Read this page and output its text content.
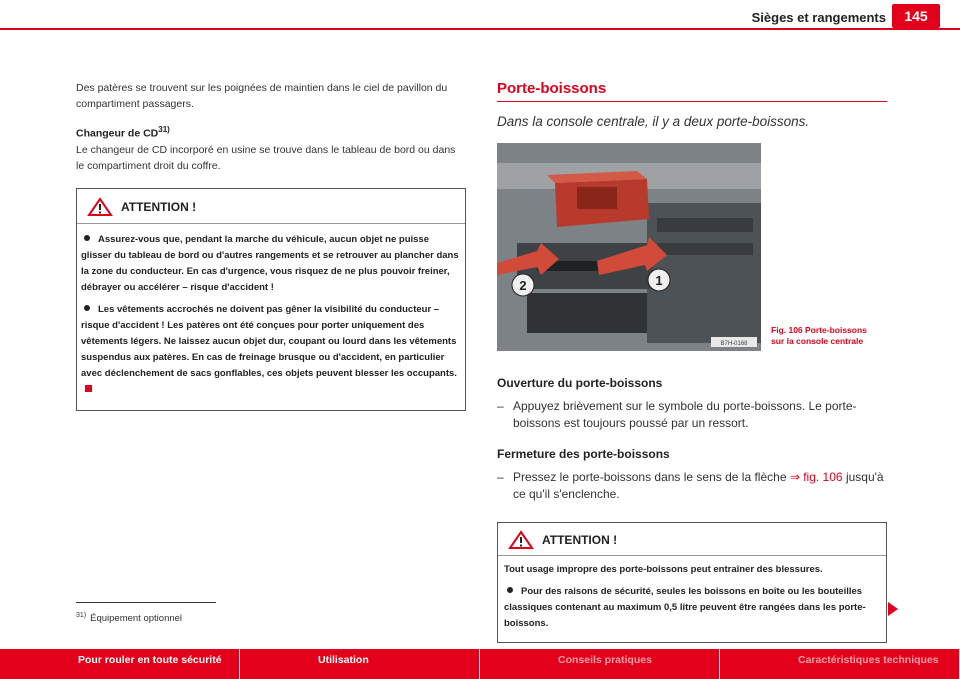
Sièges et rangements	145

Des patères se trouvent sur les poignées de maintien dans le ciel de pavillon du compartiment passagers.

Changeur de CD$^{31)}$

Le changeur de CD incorporé en usine se trouve dans le tableau de bord ou dans le compartiment droit du coffre.

ATTENTION !
Assurez-vous que, pendant la marche du véhicule, aucun objet ne puisse glisser du tableau de bord ou d'autres rangements et se retrouver au plancher dans la zone du conducteur. En cas d'urgence, vous risquez de ne plus pouvoir freiner, débrayer ou accélérer – risque d'accident !
Les vêtements accrochés ne doivent pas gêner la visibilité du conducteur – risque d'accident ! Les patères ont été conçues pour porter uniquement des vêtements légers. Ne laissez aucun objet dur, coupant ou lourd dans les vêtements suspendus aux patères. En cas de freinage brusque ou d'accident, en particulier avec déclenchement de sacs gonflables, ces objets peuvent blesser les occupants.
$^{31)}$ Équipement optionnel
Porte-boissons
Dans la console centrale, il y a deux porte-boissons.
2	1
B7H-0168
Fig. 106 Porte-boissons
sur la console centrale
Ouverture du porte-boissons
– Appuyez brièvement sur le symbole du porte-boissons. Le porte-boissons est toujours poussé par un ressort.
Fermeture des porte-boissons
– Pressez le porte-boissons dans le sens de la flèche ⇒ fig. 106 jusqu'à ce qu'il s'enclenche.
ATTENTION !
Tout usage impropre des porte-boissons peut entraîner des blessures.
Pour des raisons de sécurité, seules les boissons en boîte ou les bouteilles classiques contenant au maximum 0,5 litre peuvent être rangées dans les porte-boissons.
Pour rouler en toute sécurité	Utilisation	Conseils pratiques	Caractéristiques techniques
